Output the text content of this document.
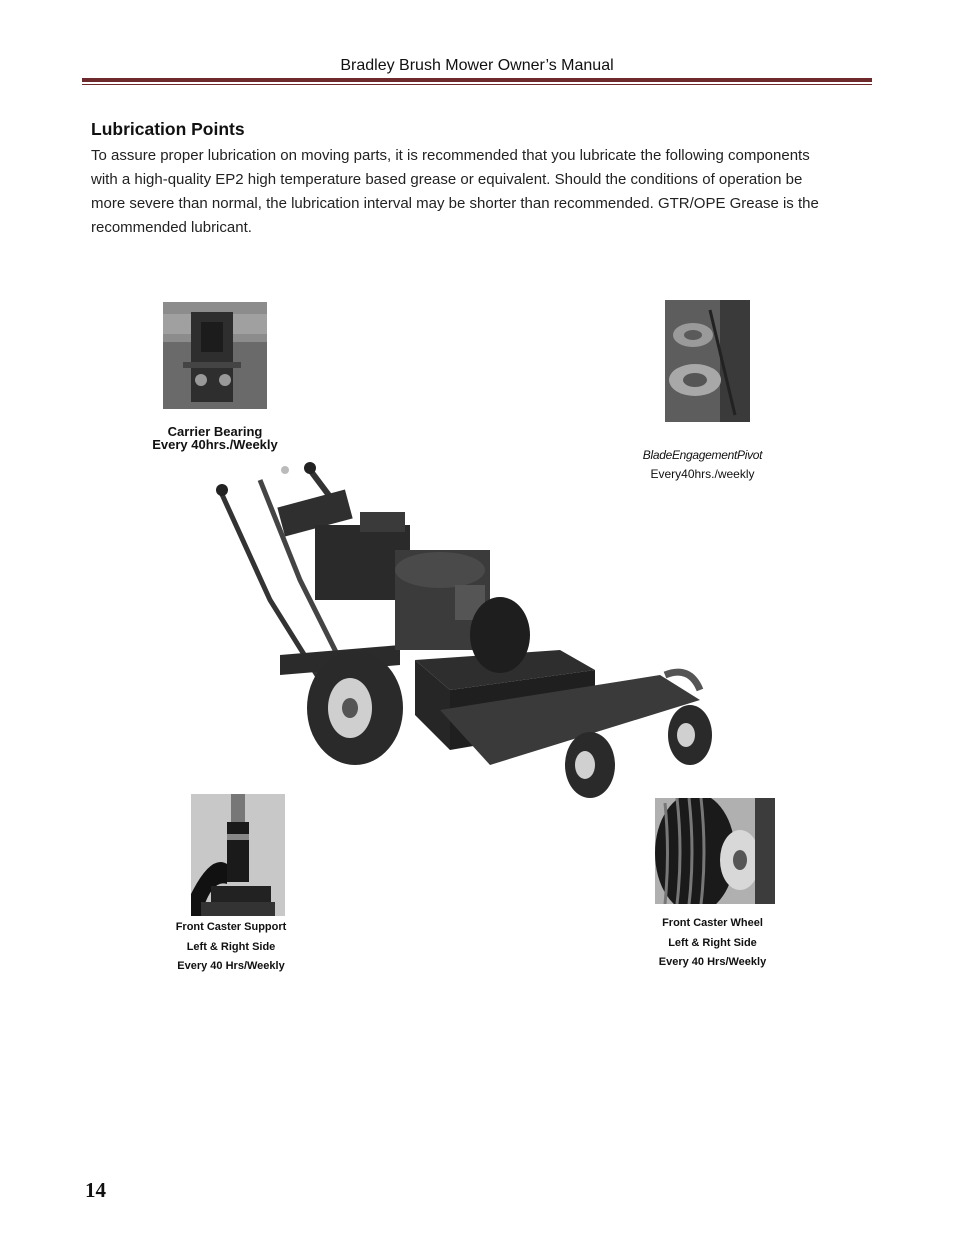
Bradley Brush Mower Owner’s Manual
Lubrication Points

To assure proper lubrication on moving parts, it is recommended that you lubricate the following components
with a high-quality EP2 high temperature based grease or equivalent. Should the conditions of operation be
more severe than normal, the lubrication interval may be shorter than recommended. GTR/OPE Grease is the
recommended lubricant.

Carrier Bearing
Every 40hrs./Weekly
BladeEngagementPivot
Every40hrs./weekly
Front Caster Support
Left & Right Side
Every 40 Hrs/Weekly
Front Caster Wheel
Left & Right Side
Every 40 Hrs/Weekly
14
